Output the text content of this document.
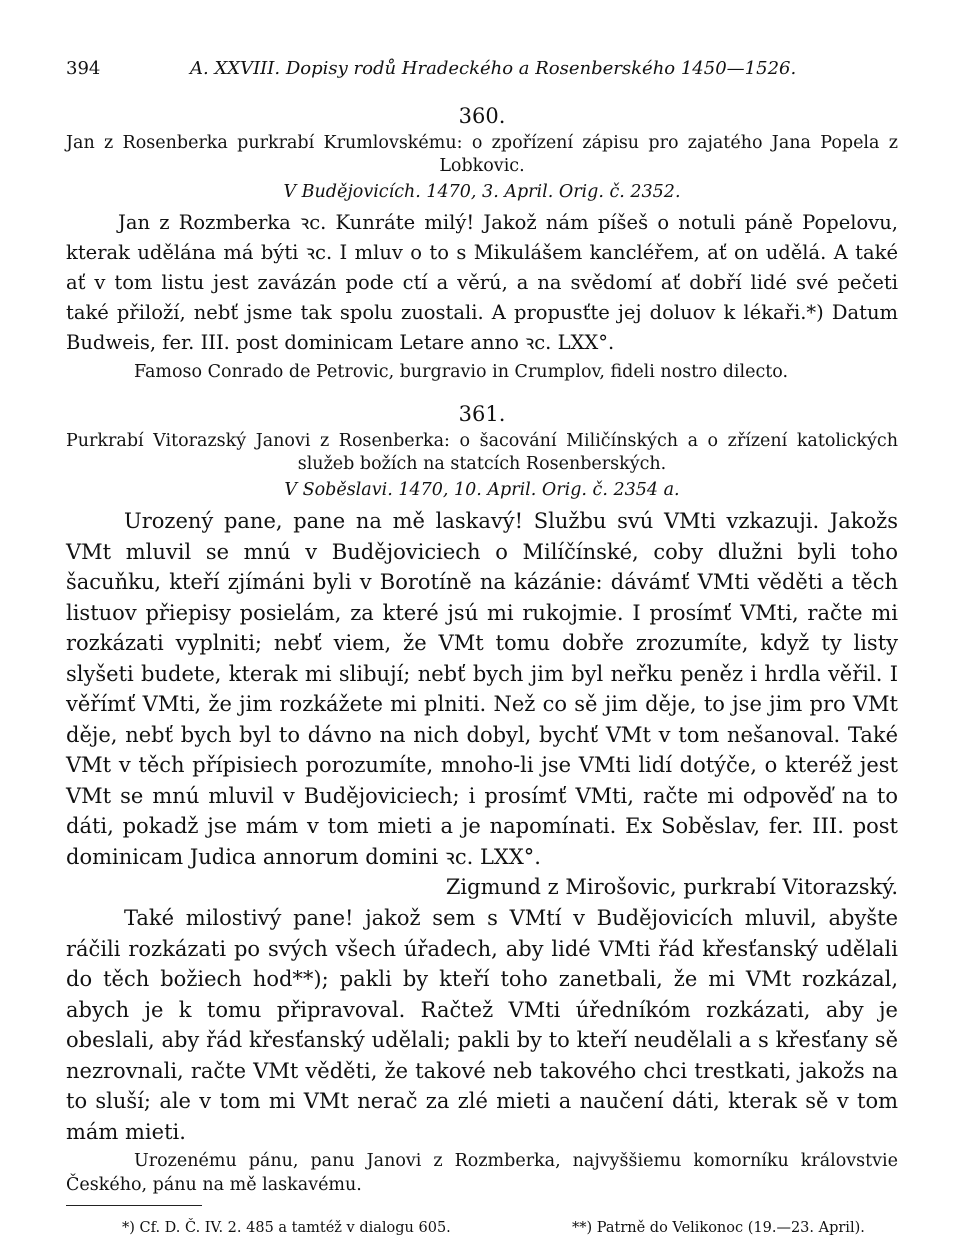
394	A. XXVIII. Dopisy rodů Hradeckého a Rosenberského 1450—1526.
360.
Jan z Rosenberka purkrabí Krumlovskému: o zpořízení zápisu pro zajatého Jana Popela z Lobkovic.
V Budějovicích. 1470, 3. April. Orig. č. 2352.

Jan z Rozmberka ꝛc. Kunráte milý! Jakož nám píšeš o notuli páně Popelovu, kterak udělána má býti ꝛc. I mluv o to s Mikulášem kancléřem, ať on udělá. A také ať v tom listu jest zavázán pode ctí a věrú, a na svědomí ať dobří lidé své pečeti také přiloží, nebť jsme tak spolu zuostali. A propusťte jej doluov k lékaři.*) Datum Budweis, fer. III. post dominicam Letare anno ꝛc. LXX°.

Famoso Conrado de Petrovic, burgravio in Crumplov, fideli nostro dilecto.
361.
Purkrabí Vitorazský Janovi z Rosenberka: o šacování Miličínských a o zřízení katolických služeb božích na statcích Rosenberských.
V Soběslavi. 1470, 10. April. Orig. č. 2354 a.

Urozený pane, pane na mě laskavý! Službu svú VMti vzkazuji. Jakožs VMt mluvil se mnú v Budějoviciech o Milíčínské, coby dlužni byli toho šacuňku, kteří zjímáni byli v Borotíně na kázánie: dávámť VMti věděti a těch listuov přiepisy posielám, za které jsú mi rukojmie. I prosímť VMti, račte mi rozkázati vyplniti; nebť viem, že VMt tomu dobře zrozumíte, když ty listy slyšeti budete, kterak mi slibují; nebť bych jim byl neřku peněz i hrdla věřil. I věřímť VMti, že jim rozkážete mi plniti. Než co sě jim děje, to jse jim pro VMt děje, nebť bych byl to dávno na nich dobyl, bychť VMt v tom nešanoval. Také VMt v těch přípisiech porozumíte, mnoho-li jse VMti lidí dotýče, o kteréž jest VMt se mnú mluvil v Budějoviciech; i prosímť VMti, račte mi odpověď na to dáti, pokadž jse mám v tom mieti a je napomínati. Ex Soběslav, fer. III. post dominicam Judica annorum domini ꝛc. LXX°.

Zigmund z Mirošovic, purkrabí Vitorazský.

Také milostivý pane! jakož sem s VMtí v Budějovicích mluvil, abyšte ráčili rozkázati po svých všech úřadech, aby lidé VMti řád křesťanský udělali do těch božiech hod**); pakli by kteří toho zanetbali, že mi VMt rozkázal, abych je k tomu připravoval. Račtež VMti úředníkóm rozkázati, aby je obeslali, aby řád křesťanský udělali; pakli by to kteří neudělali a s křesťany sě nezrovnali, račte VMt věděti, že takové neb takového chci trestkati, jakožs na to sluší; ale v tom mi VMt nerač za zlé mieti a naučení dáti, kterak sě v tom mám mieti.

Urozenému pánu, panu Janovi z Rozmberka, najvyššiemu komorníku královstvie Českého, pánu na mě laskavému.
*) Cf. D. Č. IV. 2. 485 a tamtéž v dialogu 605.	**) Patrně do Velikonoc (19.—23. April).
